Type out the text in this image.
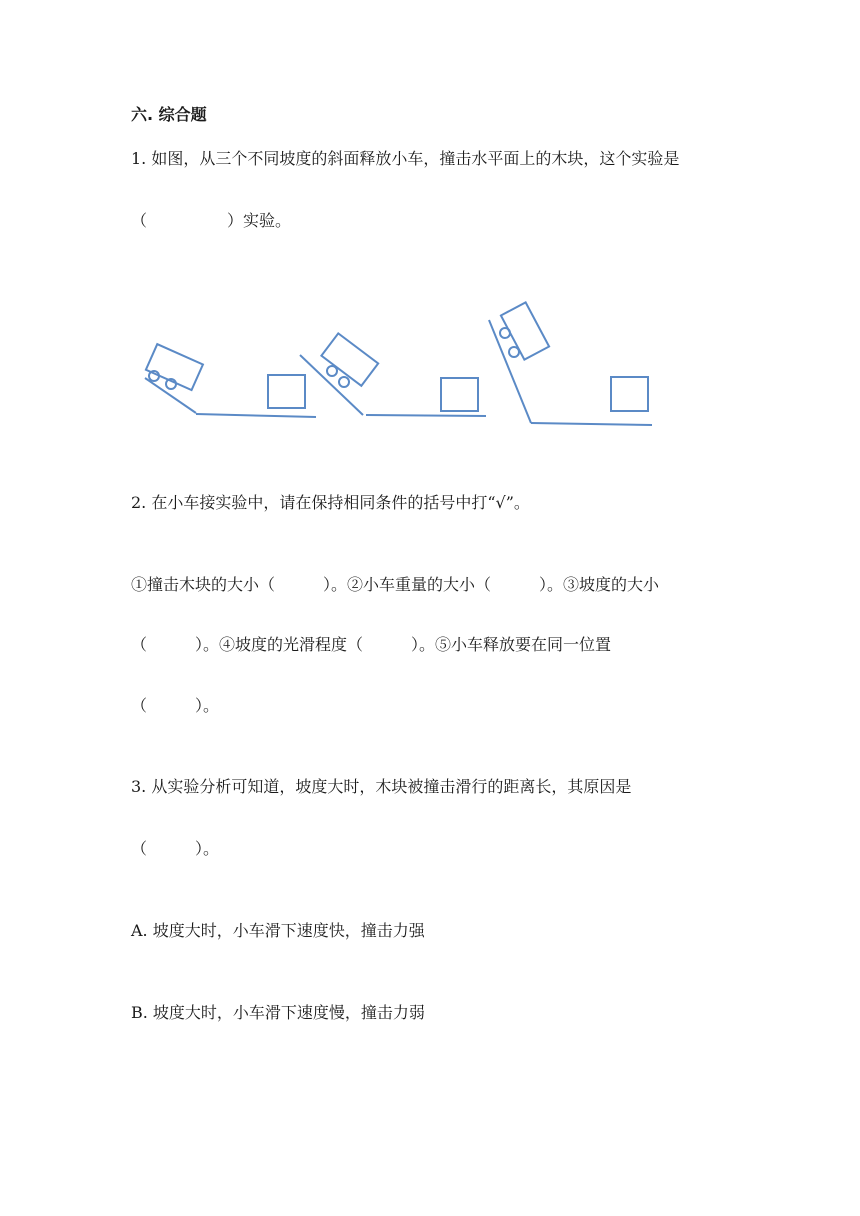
六. 综合题
1. 如图，从三个不同坡度的斜面释放小车，撞击水平面上的木块，这个实验是
（　　　　　）实验。
2. 在小车接实验中，请在保持相同条件的括号中打“√”。
①撞击木块的大小（　　　）。②小车重量的大小（　　　）。③坡度的大小
（　　　）。④坡度的光滑程度（　　　）。⑤小车释放要在同一位置
（　　　）。
3. 从实验分析可知道，坡度大时，木块被撞击滑行的距离长，其原因是
（　　　）。
A. 坡度大时，小车滑下速度快，撞击力强
B. 坡度大时，小车滑下速度慢，撞击力弱
